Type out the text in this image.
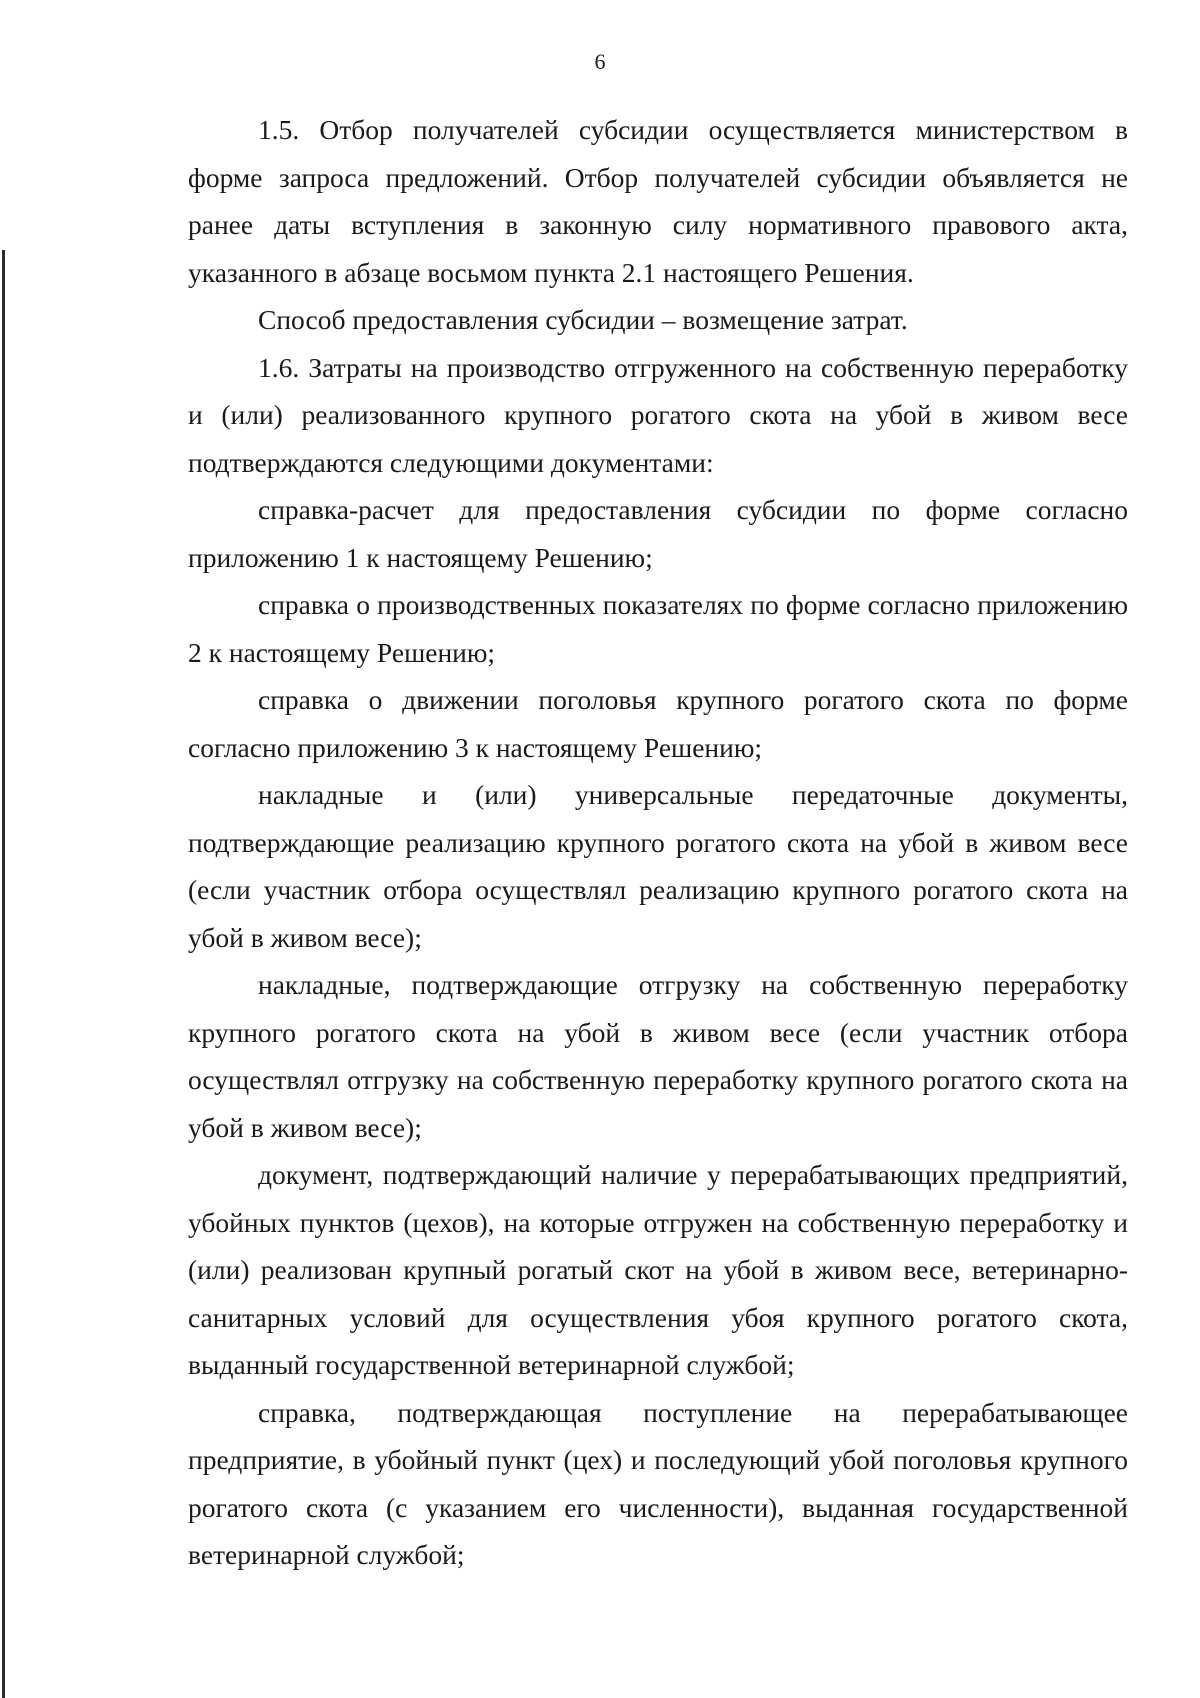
6

1.5. Отбор получателей субсидии осуществляется министерством в форме запроса предложений. Отбор получателей субсидии объявляется не ранее даты вступления в законную силу нормативного правового акта, указанного в абзаце восьмом пункта 2.1 настоящего Решения.

Способ предоставления субсидии – возмещение затрат.

1.6. Затраты на производство отгруженного на собственную переработку и (или) реализованного крупного рогатого скота на убой в живом весе подтверждаются следующими документами:

справка-расчет для предоставления субсидии по форме согласно приложению 1 к настоящему Решению;

справка о производственных показателях по форме согласно приложению 2 к настоящему Решению;

справка о движении поголовья крупного рогатого скота по форме согласно приложению 3 к настоящему Решению;

накладные и (или) универсальные передаточные документы, подтверждающие реализацию крупного рогатого скота на убой в живом весе (если участник отбора осуществлял реализацию крупного рогатого скота на убой в живом весе);

накладные, подтверждающие отгрузку на собственную переработку крупного рогатого скота на убой в живом весе (если участник отбора осуществлял отгрузку на собственную переработку крупного рогатого скота на убой в живом весе);

документ, подтверждающий наличие у перерабатывающих предприятий, убойных пунктов (цехов), на которые отгружен на собственную переработку и (или) реализован крупный рогатый скот на убой в живом весе, ветеринарно-санитарных условий для осуществления убоя крупного рогатого скота, выданный государственной ветеринарной службой;

справка, подтверждающая поступление на перерабатывающее предприятие, в убойный пункт (цех) и последующий убой поголовья крупного рогатого скота (с указанием его численности), выданная государственной ветеринарной службой;
